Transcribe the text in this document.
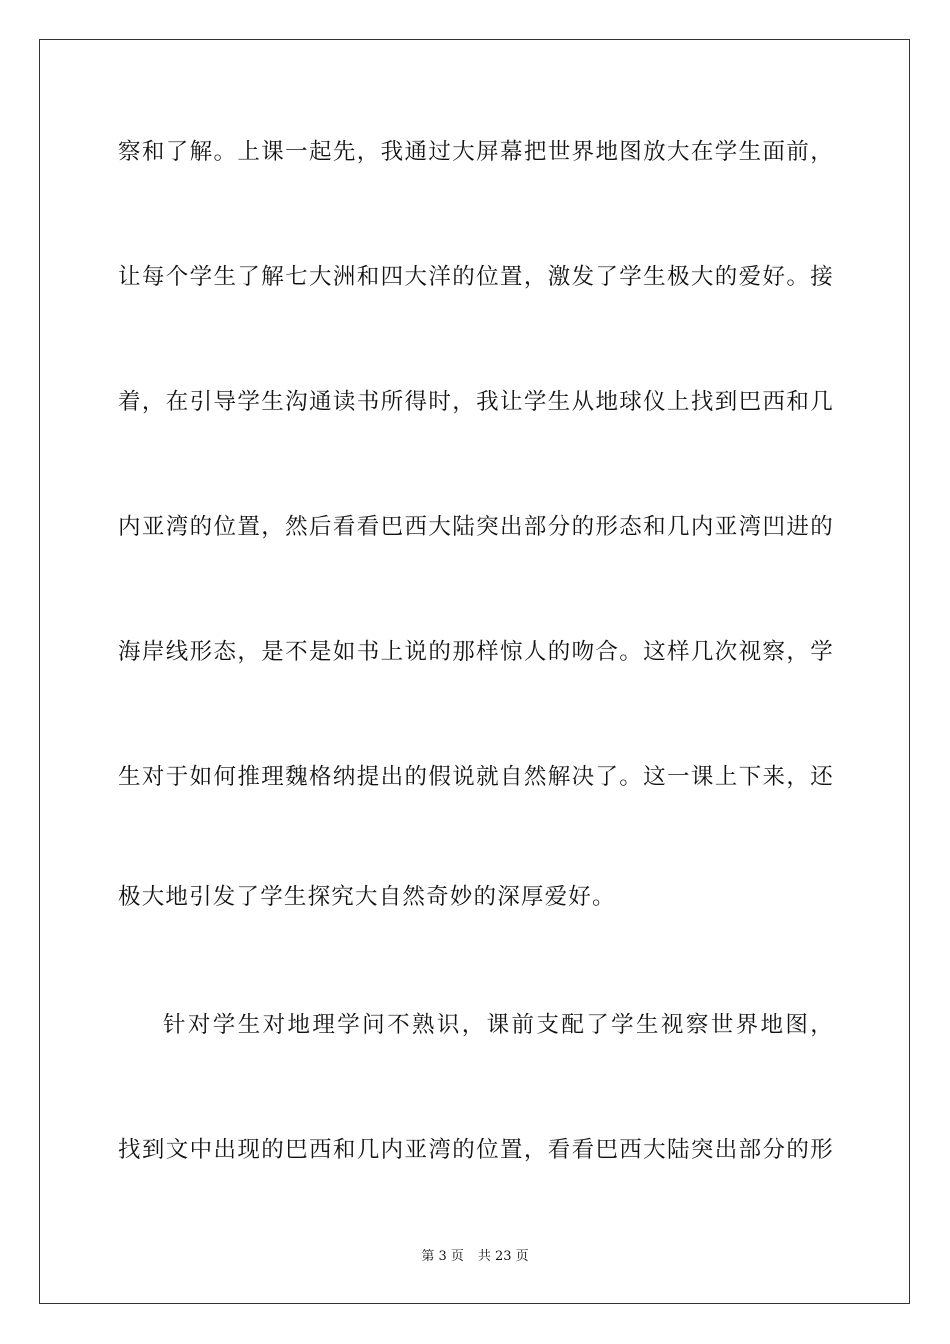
察和了解。上课一起先，我通过大屏幕把世界地图放大在学生面前，
让每个学生了解七大洲和四大洋的位置，激发了学生极大的爱好。接
着，在引导学生沟通读书所得时，我让学生从地球仪上找到巴西和几
内亚湾的位置，然后看看巴西大陆突出部分的形态和几内亚湾凹进的
海岸线形态，是不是如书上说的那样惊人的吻合。这样几次视察，学
生对于如何推理魏格纳提出的假说就自然解决了。这一课上下来，还
极大地引发了学生探究大自然奇妙的深厚爱好。
针对学生对地理学问不熟识，课前支配了学生视察世界地图，
找到文中出现的巴西和几内亚湾的位置，看看巴西大陆突出部分的形
第 3 页 共 23 页
